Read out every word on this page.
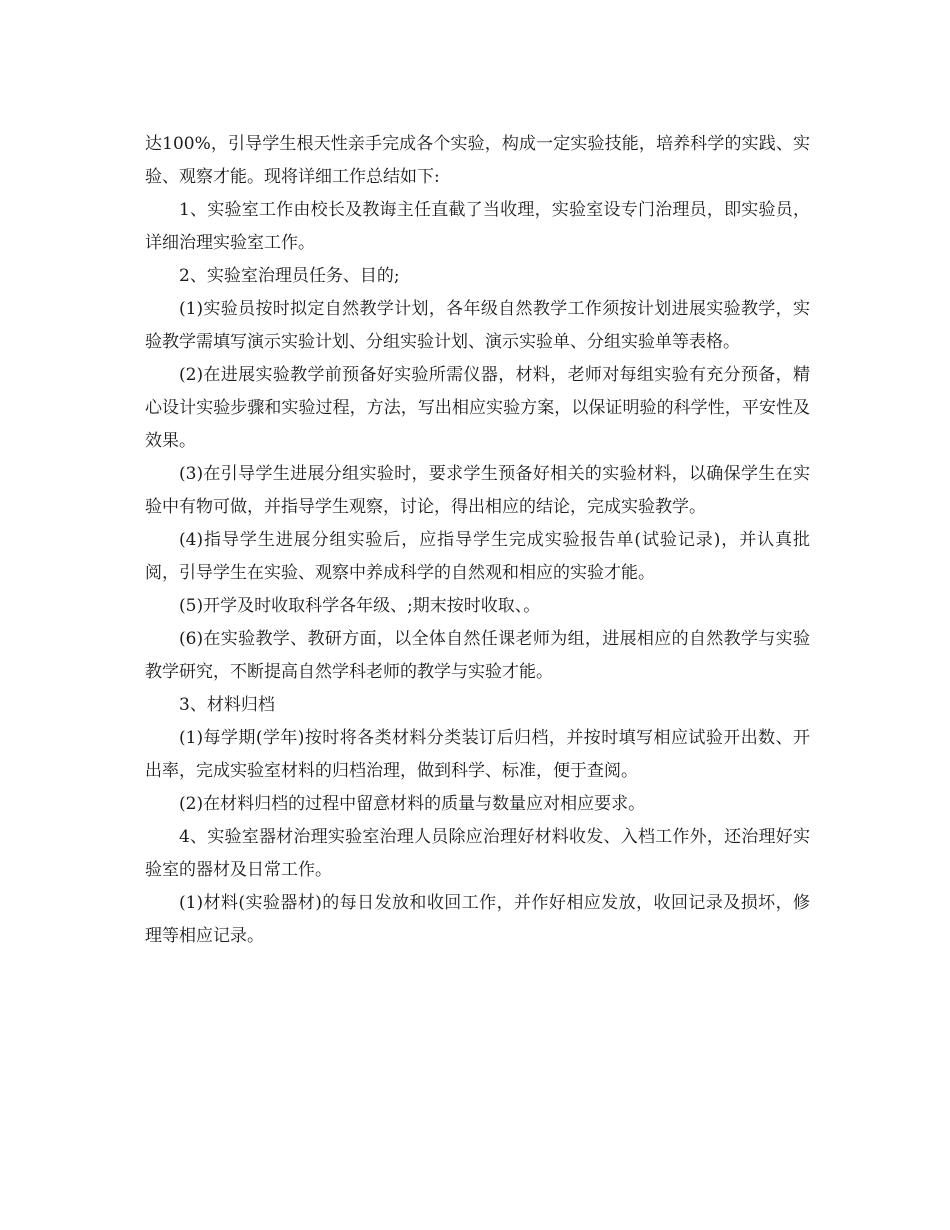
达100%，引导学生根天性亲手完成各个实验，构成一定实验技能，培养科学的实践、实验、观察才能。现将详细工作总结如下:

1、实验室工作由校长及教诲主任直截了当收理，实验室设专门治理员，即实验员，详细治理实验室工作。

2、实验室治理员任务、目的;

(1)实验员按时拟定自然教学计划，各年级自然教学工作须按计划进展实验教学，实验教学需填写演示实验计划、分组实验计划、演示实验单、分组实验单等表格。

(2)在进展实验教学前预备好实验所需仪器，材料，老师对每组实验有充分预备，精心设计实验步骤和实验过程，方法，写出相应实验方案，以保证明验的科学性，平安性及效果。

(3)在引导学生进展分组实验时，要求学生预备好相关的实验材料，以确保学生在实验中有物可做，并指导学生观察，讨论，得出相应的结论，完成实验教学。

(4)指导学生进展分组实验后，应指导学生完成实验报告单(试验记录)，并认真批阅，引导学生在实验、观察中养成科学的自然观和相应的实验才能。

(5)开学及时收取科学各年级、;期末按时收取、。

(6)在实验教学、教研方面，以全体自然任课老师为组，进展相应的自然教学与实验教学研究，不断提高自然学科老师的教学与实验才能。

3、材料归档

(1)每学期(学年)按时将各类材料分类装订后归档，并按时填写相应试验开出数、开出率，完成实验室材料的归档治理，做到科学、标准，便于查阅。

(2)在材料归档的过程中留意材料的质量与数量应对相应要求。

4、实验室器材治理实验室治理人员除应治理好材料收发、入档工作外，还治理好实验室的器材及日常工作。

(1)材料(实验器材)的每日发放和收回工作，并作好相应发放，收回记录及损坏，修理等相应记录。
